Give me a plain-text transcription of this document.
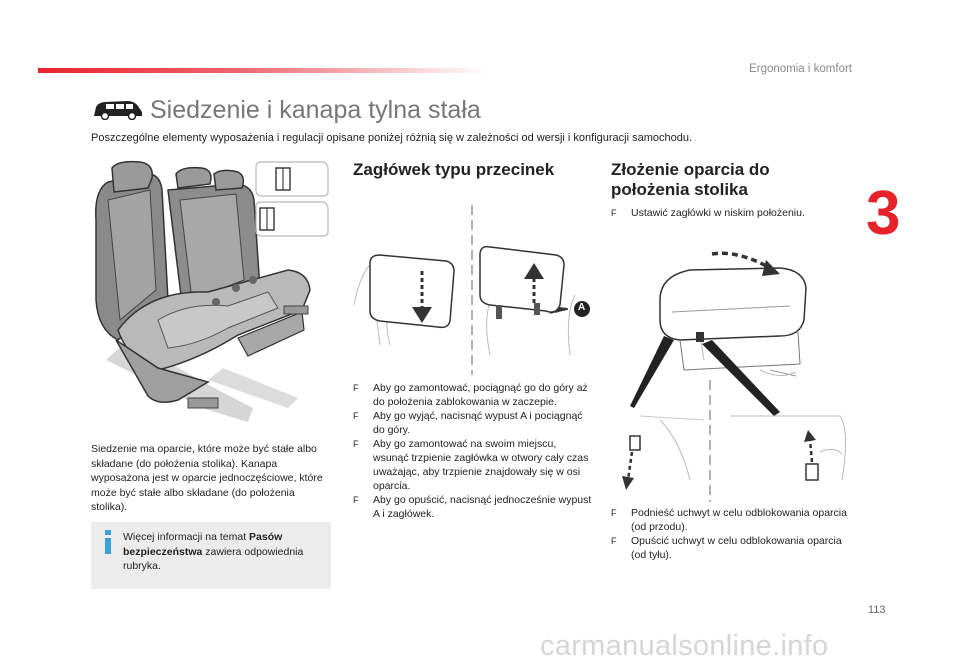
Ergonomia i komfort
3
Siedzenie i kanapa tylna stała
Poszczególne elementy wyposażenia i regulacji opisane poniżej różnią się w zależności od wersji i konfiguracji samochodu.
Siedzenie ma oparcie, które może być stałe albo składane (do położenia stolika). Kanapa wyposażona jest w oparcie jednoczęściowe, które może być stałe albo składane (do położenia stolika).
Więcej informacji na temat Pasów bezpieczeństwa zawiera odpowiednia rubryka.
Zagłówek typu przecinek
A
F Aby go zamontować, pociągnąć go do góry aż do położenia zablokowania w zaczepie.
F Aby go wyjąć, nacisnąć wypust A i pociągnąć do góry.
F Aby go zamontować na swoim miejscu, wsunąć trzpienie zagłówka w otwory cały czas uważając, aby trzpienie znajdowały się w osi oparcia.
F Aby go opuścić, nacisnąć jednocześnie wypust A i zagłówek.
Złożenie oparcia do
położenia stolika
F Ustawić zagłówki w niskim położeniu.
F Podnieść uchwyt w celu odblokowania oparcia (od przodu).
F Opuścić uchwyt w celu odblokowania oparcia (od tyłu).
113
carmanualsonline.info
